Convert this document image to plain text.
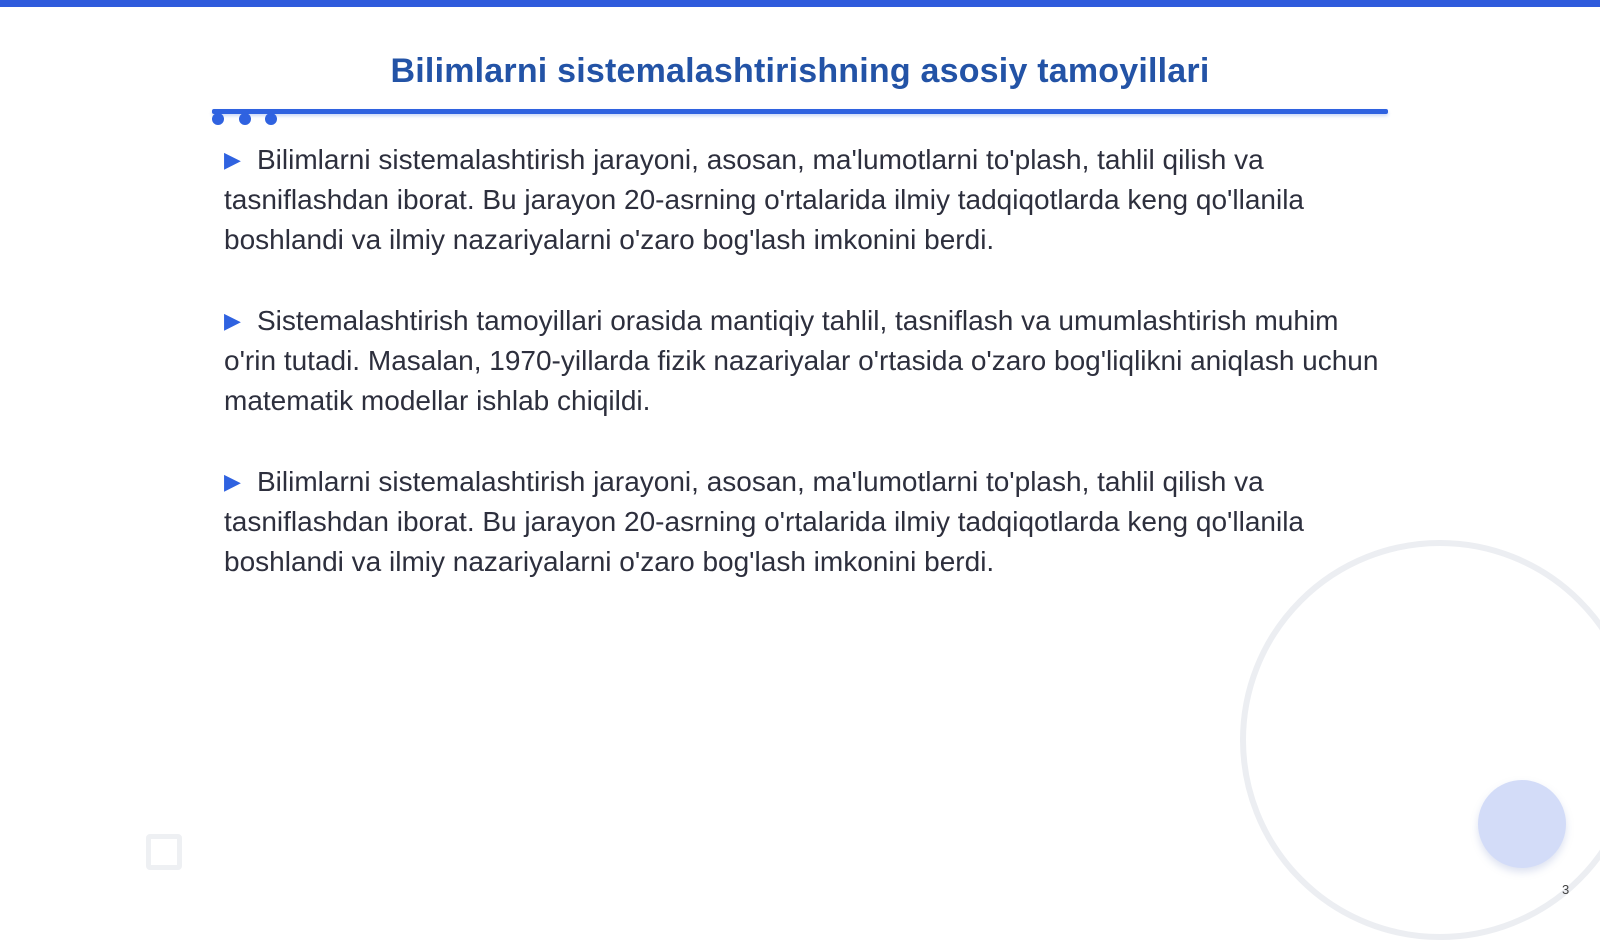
Bilimlarni sistemalashtirishning asosiy tamoyillari

▶ Bilimlarni sistemalashtirish jarayoni, asosan, ma'lumotlarni to'plash, tahlil qilish va tasniflashdan iborat. Bu jarayon 20-asrning o'rtalarida ilmiy tadqiqotlarda keng qo'llanila boshlandi va ilmiy nazariyalarni o'zaro bog'lash imkonini berdi.

▶ Sistemalashtirish tamoyillari orasida mantiqiy tahlil, tasniflash va umumlashtirish muhim o'rin tutadi. Masalan, 1970-yillarda fizik nazariyalar o'rtasida o'zaro bog'liqlikni aniqlash uchun matematik modellar ishlab chiqildi.

▶ Bilimlarni sistemalashtirish jarayoni, asosan, ma'lumotlarni to'plash, tahlil qilish va tasniflashdan iborat. Bu jarayon 20-asrning o'rtalarida ilmiy tadqiqotlarda keng qo'llanila boshlandi va ilmiy nazariyalarni o'zaro bog'lash imkonini berdi.

3
